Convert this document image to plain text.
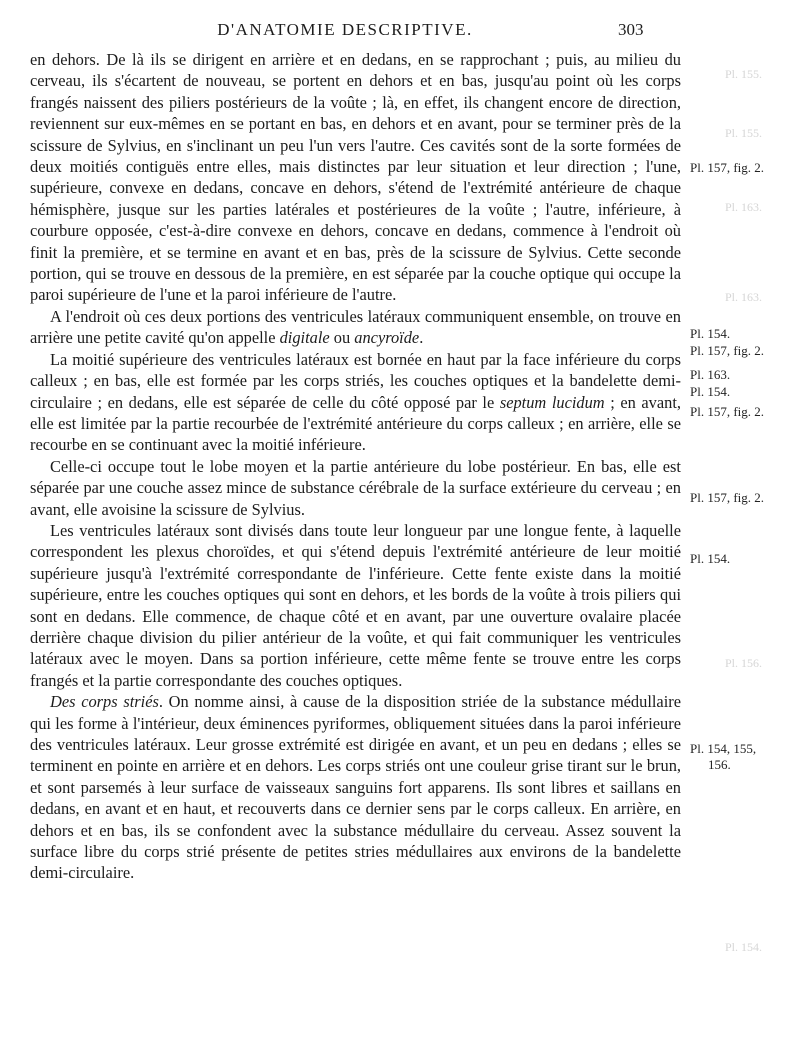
D'ANATOMIE DESCRIPTIVE.	303

en dehors. De là ils se dirigent en arrière et en dedans, en se rapprochant ; puis, au milieu du cerveau, ils s'écartent de nouveau, se portent en dehors et en bas, jusqu'au point où les corps frangés naissent des piliers postérieurs de la voûte ; là, en effet, ils changent encore de direction, reviennent sur eux-mêmes en se portant en bas, en dehors et en avant, pour se terminer près de la scissure de Sylvius, en s'inclinant un peu l'un vers l'autre. Ces cavités sont de la sorte formées de deux moitiés contiguës entre elles, mais distinctes par leur situation et leur direction ; l'une, supérieure, convexe en dedans, concave en dehors, s'étend de l'extrémité antérieure de chaque hémisphère, jusque sur les parties latérales et postérieures de la voûte ; l'autre, inférieure, à courbure opposée, c'est-à-dire convexe en dehors, concave en dedans, commence à l'endroit où finit la première, et se termine en avant et en bas, près de la scissure de Sylvius. Cette seconde portion, qui se trouve en dessous de la première, en est séparée par la couche optique qui occupe la paroi supérieure de l'une et la paroi inférieure de l'autre.

A l'endroit où ces deux portions des ventricules latéraux communiquent ensemble, on trouve en arrière une petite cavité qu'on appelle digitale ou ancyroïde.

La moitié supérieure des ventricules latéraux est bornée en haut par la face inférieure du corps calleux ; en bas, elle est formée par les corps striés, les couches optiques et la bandelette demi-circulaire ; en dedans, elle est séparée de celle du côté opposé par le septum lucidum ; en avant, elle est limitée par la partie recourbée de l'extrémité antérieure du corps calleux ; en arrière, elle se recourbe en se continuant avec la moitié inférieure.

Celle-ci occupe tout le lobe moyen et la partie antérieure du lobe postérieur. En bas, elle est séparée par une couche assez mince de substance cérébrale de la surface extérieure du cerveau ; en avant, elle avoisine la scissure de Sylvius.

Les ventricules latéraux sont divisés dans toute leur longueur par une longue fente, à laquelle correspondent les plexus choroïdes, et qui s'étend depuis l'extrémité antérieure de leur moitié supérieure jusqu'à l'extrémité correspondante de l'inférieure. Cette fente existe dans la moitié supérieure, entre les couches optiques qui sont en dehors, et les bords de la voûte à trois piliers qui sont en dedans. Elle commence, de chaque côté et en avant, par une ouverture ovalaire placée derrière chaque division du pilier antérieur de la voûte, et qui fait communiquer les ventricules latéraux avec le moyen. Dans sa portion inférieure, cette même fente se trouve entre les corps frangés et la partie correspondante des couches optiques.

Des corps striés. On nomme ainsi, à cause de la disposition striée de la substance médullaire qui les forme à l'intérieur, deux éminences pyriformes, obliquement situées dans la paroi inférieure des ventricules latéraux. Leur grosse extrémité est dirigée en avant, et un peu en dedans ; elles se terminent en pointe en arrière et en dehors. Les corps striés ont une couleur grise tirant sur le brun, et sont parsemés à leur surface de vaisseaux sanguins fort apparens. Ils sont libres et saillans en dedans, en avant et en haut, et recouverts dans ce dernier sens par le corps calleux. En arrière, en dehors et en bas, ils se confondent avec la substance médullaire du cerveau. Assez souvent la surface libre du corps strié présente de petites stries médullaires aux environs de la bandelette demi-circulaire.

Pl. 157, fig. 2.
Pl. 154.
Pl. 157, fig. 2.
Pl. 163.
Pl. 154.
Pl. 157, fig. 2.
Pl. 157, fig. 2.
Pl. 154.
Pl. 154, 155,
156.
Pl. 155.
Pl. 155.
Pl. 163.
Pl. 163.
Pl. 156.
Pl. 154.
